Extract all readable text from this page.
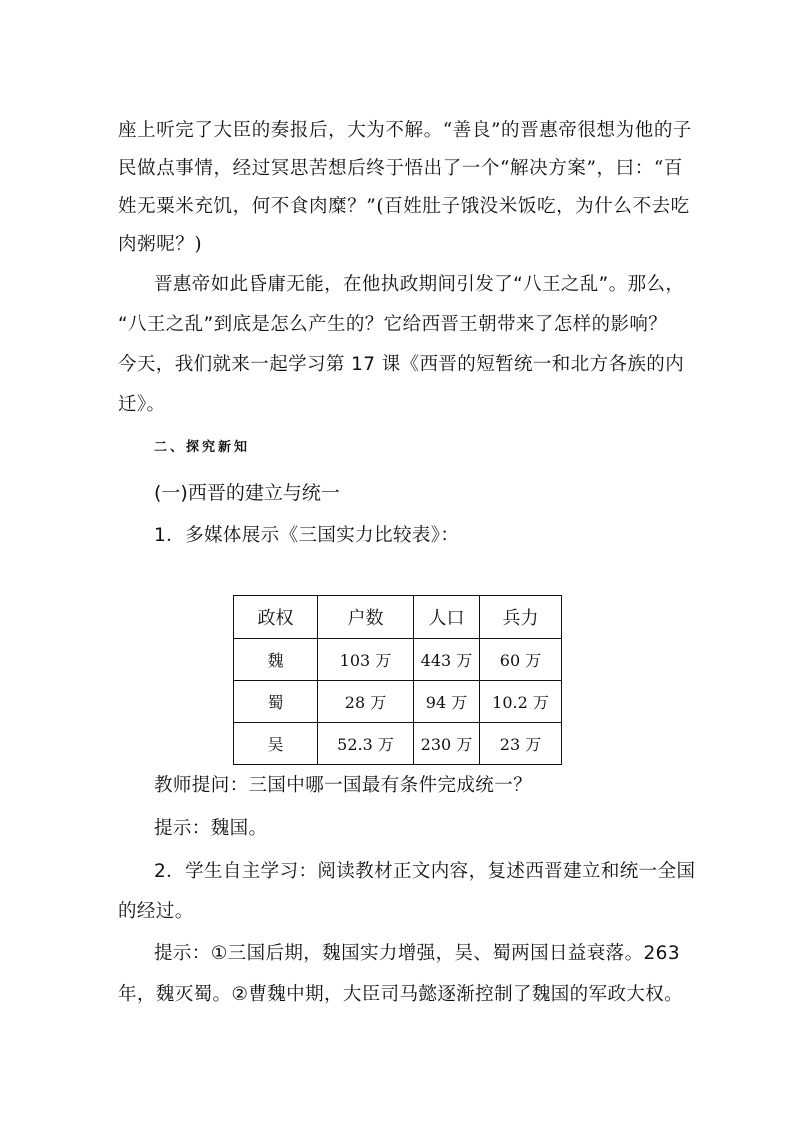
座上听完了大臣的奏报后，大为不解。“善良”的晋惠帝很想为他的子
民做点事情，经过冥思苦想后终于悟出了一个“解决方案”，曰：“百
姓无粟米充饥，何不食肉糜？”(百姓肚子饿没米饭吃，为什么不去吃
肉粥呢？)
晋惠帝如此昏庸无能，在他执政期间引发了“八王之乱”。那么，
“八王之乱”到底是怎么产生的？它给西晋王朝带来了怎样的影响？
今天，我们就来一起学习第 17 课《西晋的短暂统一和北方各族的内
迁》。
二、探究新知
(一)西晋的建立与统一
1．多媒体展示《三国实力比较表》：
政权	户数	人口	兵力
魏	103 万	443 万	60 万
蜀	28 万	94 万	10.2 万
吴	52.3 万	230 万	23 万
教师提问：三国中哪一国最有条件完成统一？
提示：魏国。
2．学生自主学习：阅读教材正文内容，复述西晋建立和统一全国
的经过。
提示：①三国后期，魏国实力增强，吴、蜀两国日益衰落。263
年，魏灭蜀。②曹魏中期，大臣司马懿逐渐控制了魏国的军政大权。
